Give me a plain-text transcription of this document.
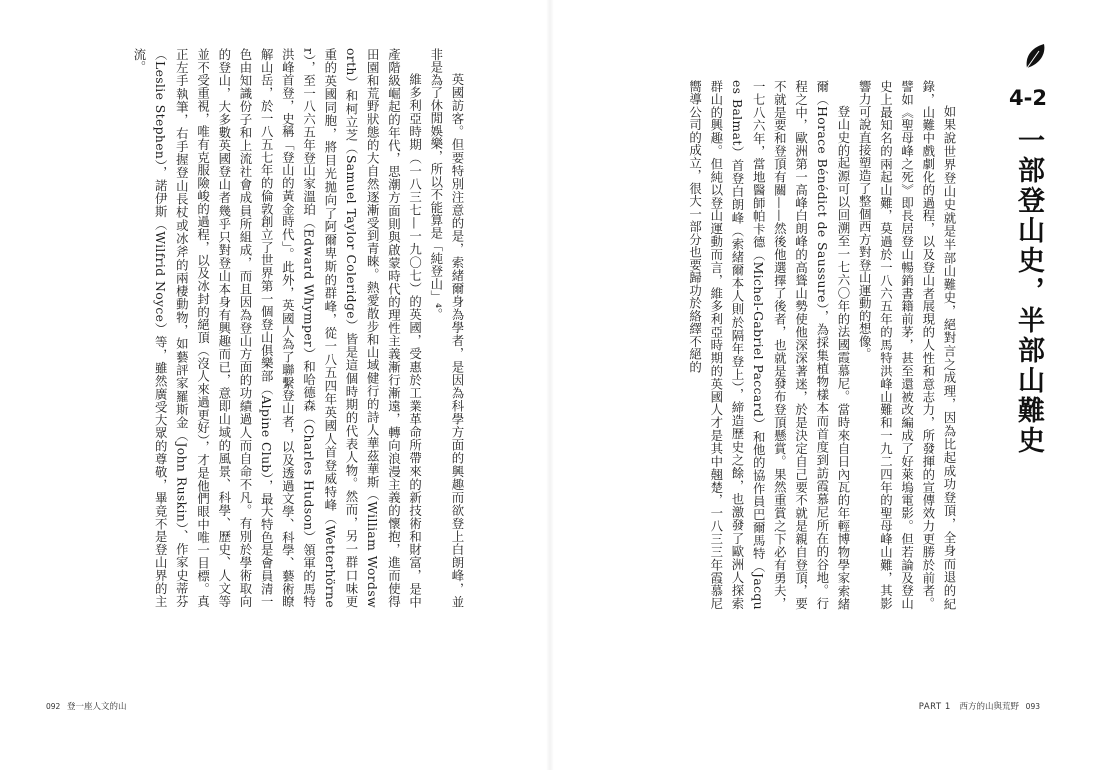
英國訪客。但要特別注意的是，索緒爾身為學者，是因為科學方面的興趣而欲登上白朗峰，並非是為了休閒娛樂，所以不能算是「純登山」⁴。

維多利亞時期（一八三七—一九〇七）的英國，受惠於工業革命所帶來的新技術和財富，是中產階級崛起的年代，思潮方面則與啟蒙時代的理性主義漸行漸遠，轉向浪漫主義的懷抱，進而使得田園和荒野狀態的大自然逐漸受到青睞。熱愛散步和山域健行的詩人華茲華斯（William Wordsworth）和柯立芝（Samuel Taylor Coleridge）皆是這個時期的代表人物。然而，另一群口味更重的英國同胞，將目光拋向了阿爾卑斯的群峰，從一八五四年英國人首登威特峰（Wetterhörner），至一八六五年登山家溫珀（Edward Whymper）和哈德森（Charles Hudson）領軍的馬特洪峰首登，史稱「登山的黃金時代」。此外，英國人為了聯繫登山者，以及透過文學、科學、藝術瞭解山岳，於一八五七年的倫敦創立了世界第一個登山俱樂部（Alpine Club），最大特色是會員清一色由知識份子和上流社會成員所組成，而且因為登山方面的功績過人而自命不凡。有別於學術取向的登山，大多數英國登山者幾乎只對登山本身有興趣而已，意即山域的風景、科學、歷史、人文等並不受重視，唯有克服險峻的過程，以及冰封的絕頂（沒人來過更好），才是他們眼中唯一目標。真正左手執筆，右手握登山長杖或冰斧的兩棲動物，如藝評家羅斯金（John Ruskin）、作家史蒂芬（Leslie Stephen），諾伊斯（Wilfrid Noyce）等，雖然廣受大眾的尊敬，畢竟不是登山界的主流。

092 登一座人文的山
4-2
一部登山史，半部山難史

如果說世界登山史就是半部山難史，絕對言之成理，因為比起成功登頂，全身而退的紀錄，山難中戲劇化的過程，以及登山者展現的人性和意志力，所發揮的宣傳效力更勝於前者。譬如《聖母峰之死》即長居登山暢銷書籍前茅，甚至還被改編成了好萊塢電影。但若論及登山史上最知名的兩起山難，莫過於一八六五年的馬特洪峰山難和一九二四年的聖母峰山難，其影響力可說直接塑造了整個西方對登山運動的想像。

登山史的起源可以回溯至一七六〇年的法國霞慕尼。當時來自日內瓦的年輕博物學家索緒爾（Horace Bénédict de Saussure），為採集植物樣本而首度到訪霞慕尼所在的谷地。行程之中，歐洲第一高峰白朗峰的高聳山勢使他深深著迷，於是決定自己要不就是親自登頂，要不就是要和登頂有關——然後他選擇了後者，也就是發布登頂懸賞。果然重賞之下必有勇夫，一七八六年，當地醫師帕卡德（Michel-Gabriel Paccard）和他的協作員巴爾馬特（Jacques Balmat）首登白朗峰（索緒爾本人則於隔年登上），締造歷史之餘，也激發了歐洲人探索群山的興趣。但純以登山運動而言，維多利亞時期的英國人才是其中翹楚，一八三三年霞慕尼嚮導公司的成立，很大一部分也要歸功於絡繹不絕的

PART 1 西方的山與荒野 093
